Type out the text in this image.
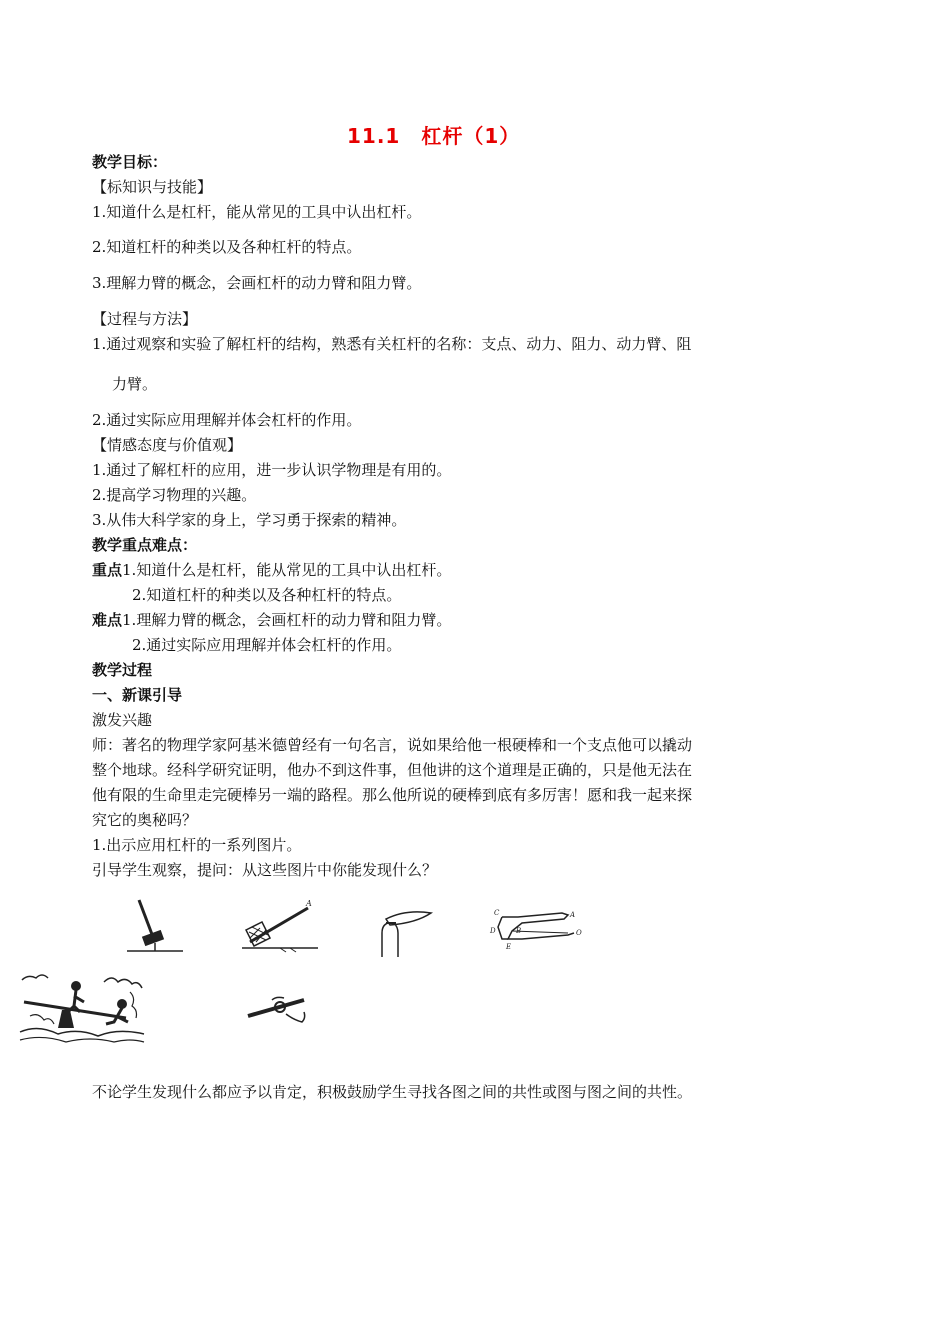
11.1　杠杆（1）
教学目标：
【标知识与技能】
1.知道什么是杠杆，能从常见的工具中认出杠杆。
2.知道杠杆的种类以及各种杠杆的特点。
3.理解力臂的概念，会画杠杆的动力臂和阻力臂。
【过程与方法】
1.通过观察和实验了解杠杆的结构，熟悉有关杠杆的名称：支点、动力、阻力、动力臂、阻
力臂。
2.通过实际应用理解并体会杠杆的作用。
【情感态度与价值观】
1.通过了解杠杆的应用，进一步认识学物理是有用的。
2.提高学习物理的兴趣。
3.从伟大科学家的身上，学习勇于探索的精神。
教学重点难点：
重点1.知道什么是杠杆，能从常见的工具中认出杠杆。
2.知道杠杆的种类以及各种杠杆的特点。
难点1.理解力臂的概念，会画杠杆的动力臂和阻力臂。
2.通过实际应用理解并体会杠杆的作用。
教学过程
一、新课引导
激发兴趣
师：著名的物理学家阿基米德曾经有一句名言，说如果给他一根硬棒和一个支点他可以撬动
整个地球。经科学研究证明，他办不到这件事，但他讲的这个道理是正确的，只是他无法在
他有限的生命里走完硬棒另一端的路程。那么他所说的硬棒到底有多厉害！愿和我一起来探
究它的奥秘吗？
1.出示应用杠杆的一系列图片。
引导学生观察，提问：从这些图片中你能发现什么？
A
C	A
D	B	O
E
不论学生发现什么都应予以肯定，积极鼓励学生寻找各图之间的共性或图与图之间的共性。
